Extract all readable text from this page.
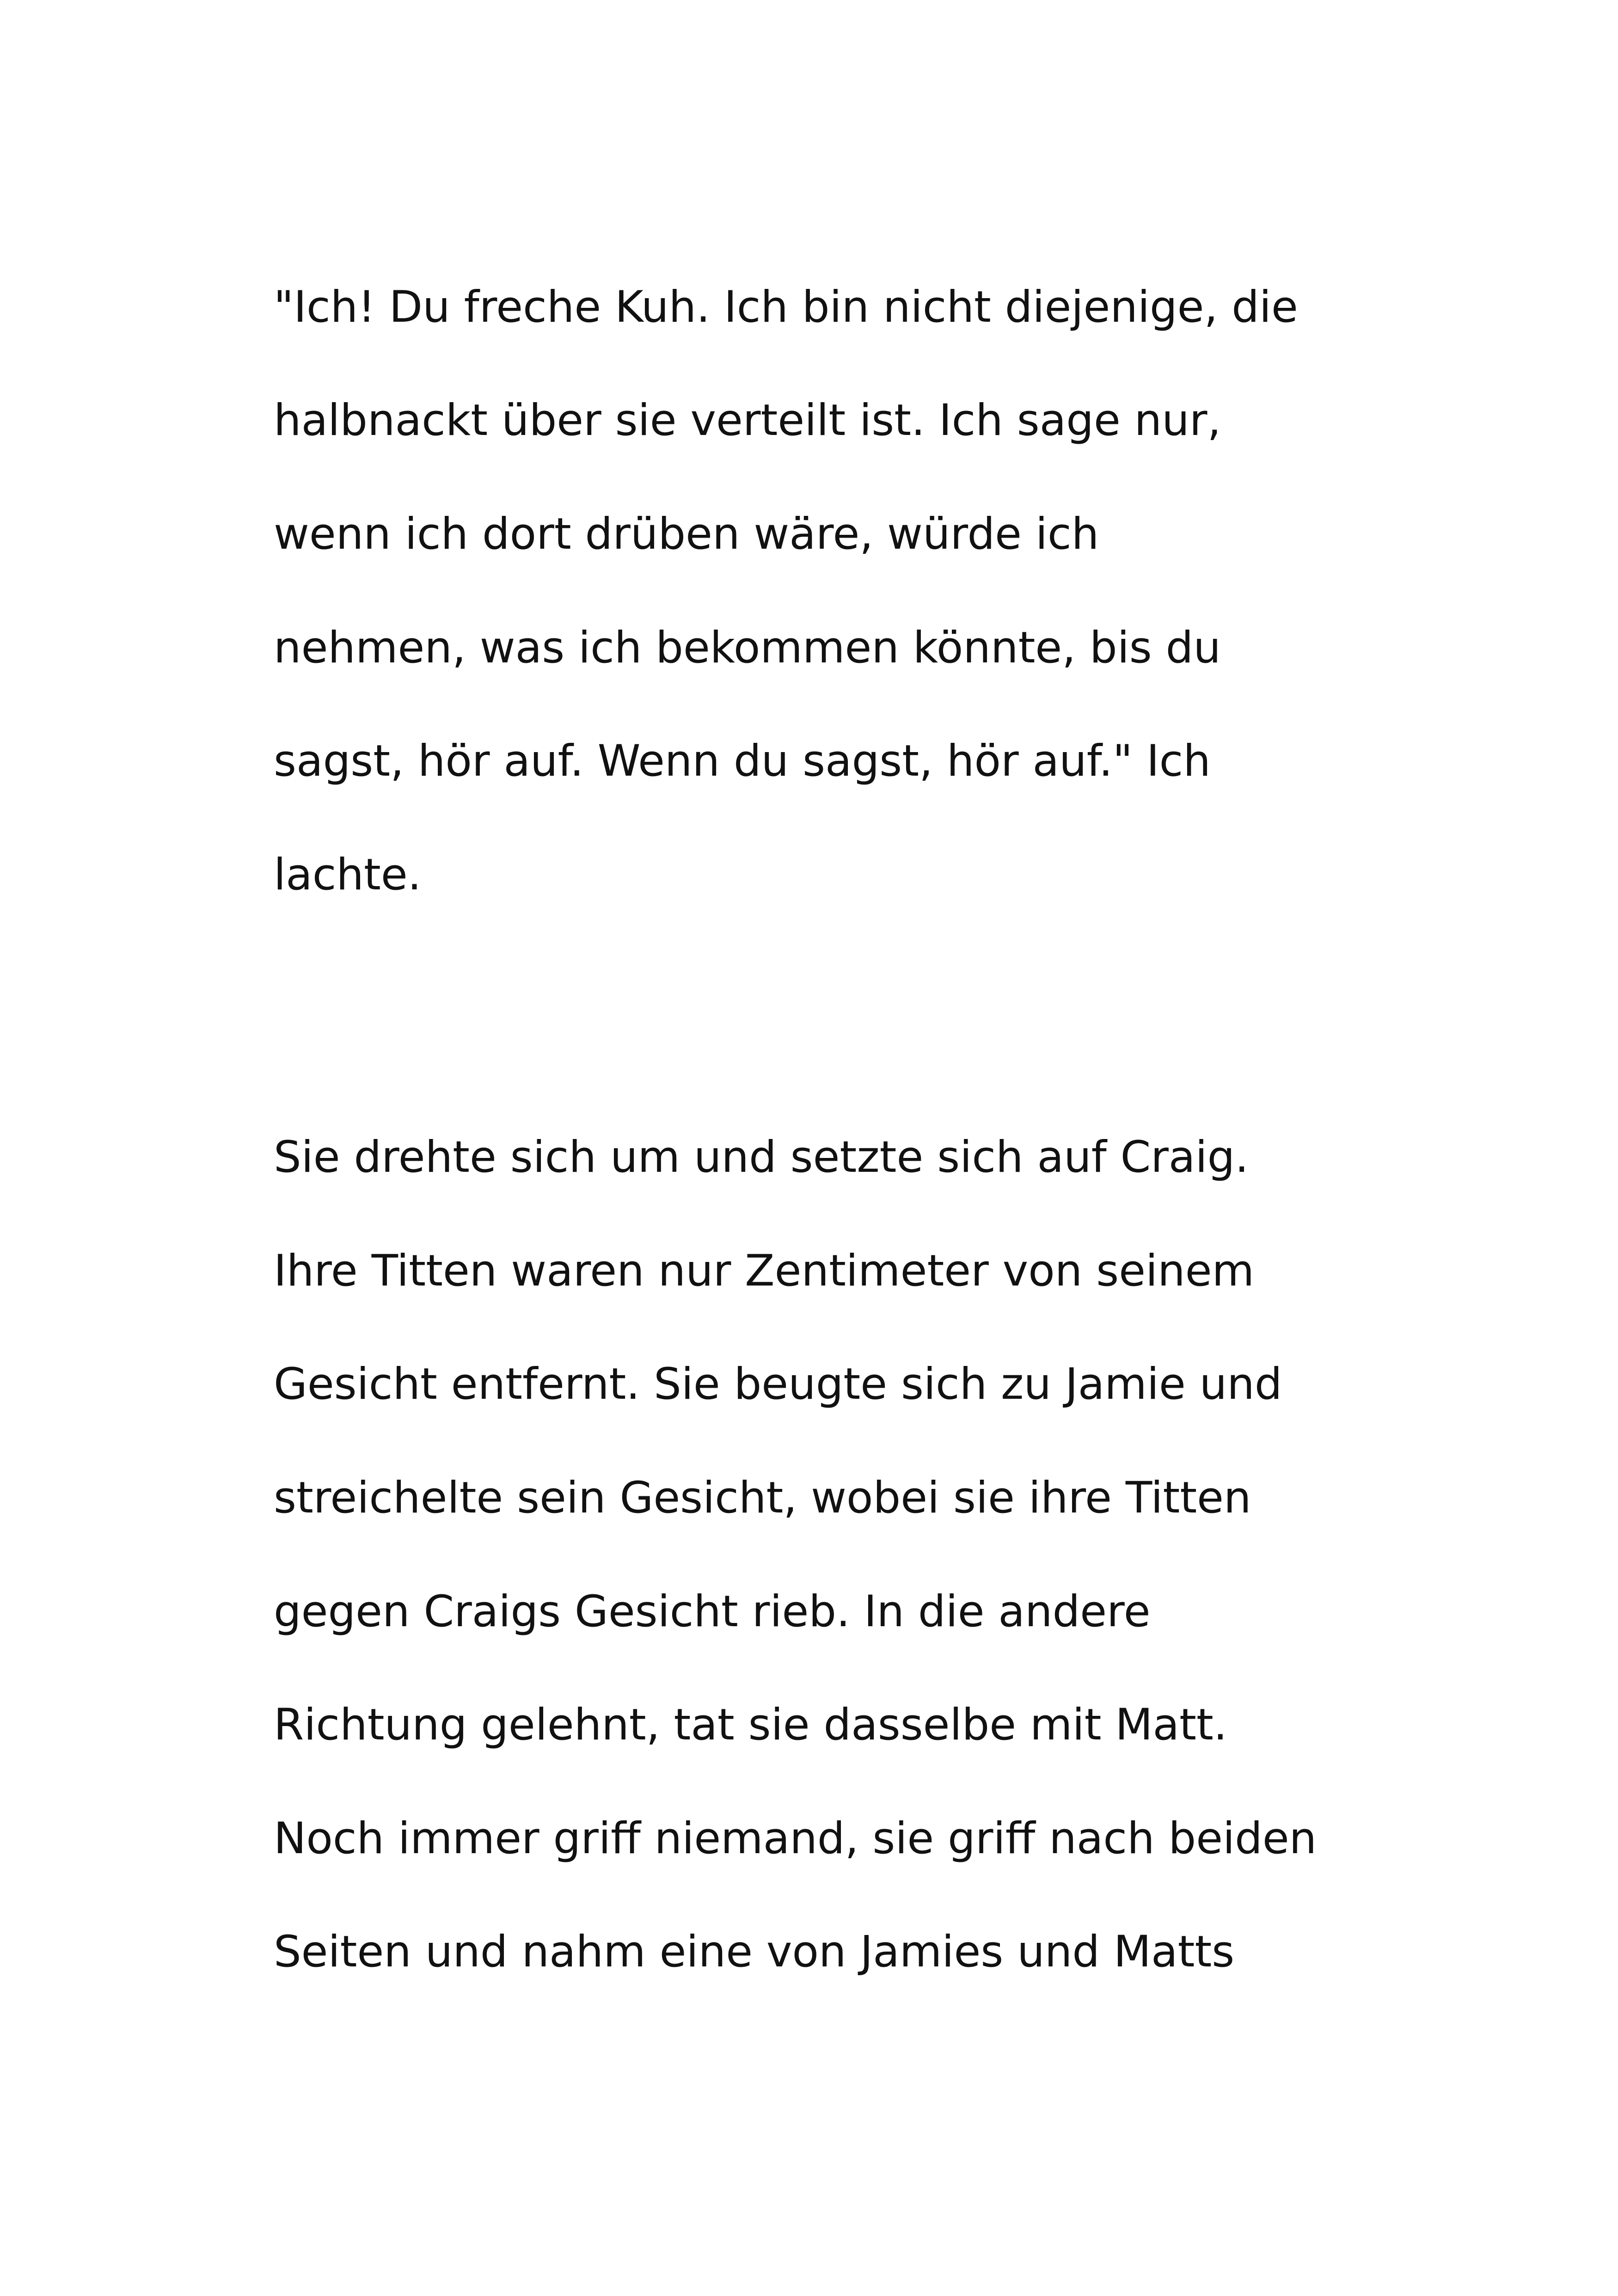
"Ich! Du freche Kuh. Ich bin nicht diejenige, die

halbnackt über sie verteilt ist. Ich sage nur,

wenn ich dort drüben wäre, würde ich

nehmen, was ich bekommen könnte, bis du

sagst, hör auf. Wenn du sagst, hör auf." Ich

lachte.

Sie drehte sich um und setzte sich auf Craig.

Ihre Titten waren nur Zentimeter von seinem

Gesicht entfernt. Sie beugte sich zu Jamie und

streichelte sein Gesicht, wobei sie ihre Titten

gegen Craigs Gesicht rieb. In die andere

Richtung gelehnt, tat sie dasselbe mit Matt.

Noch immer griff niemand, sie griff nach beiden

Seiten und nahm eine von Jamies und Matts
